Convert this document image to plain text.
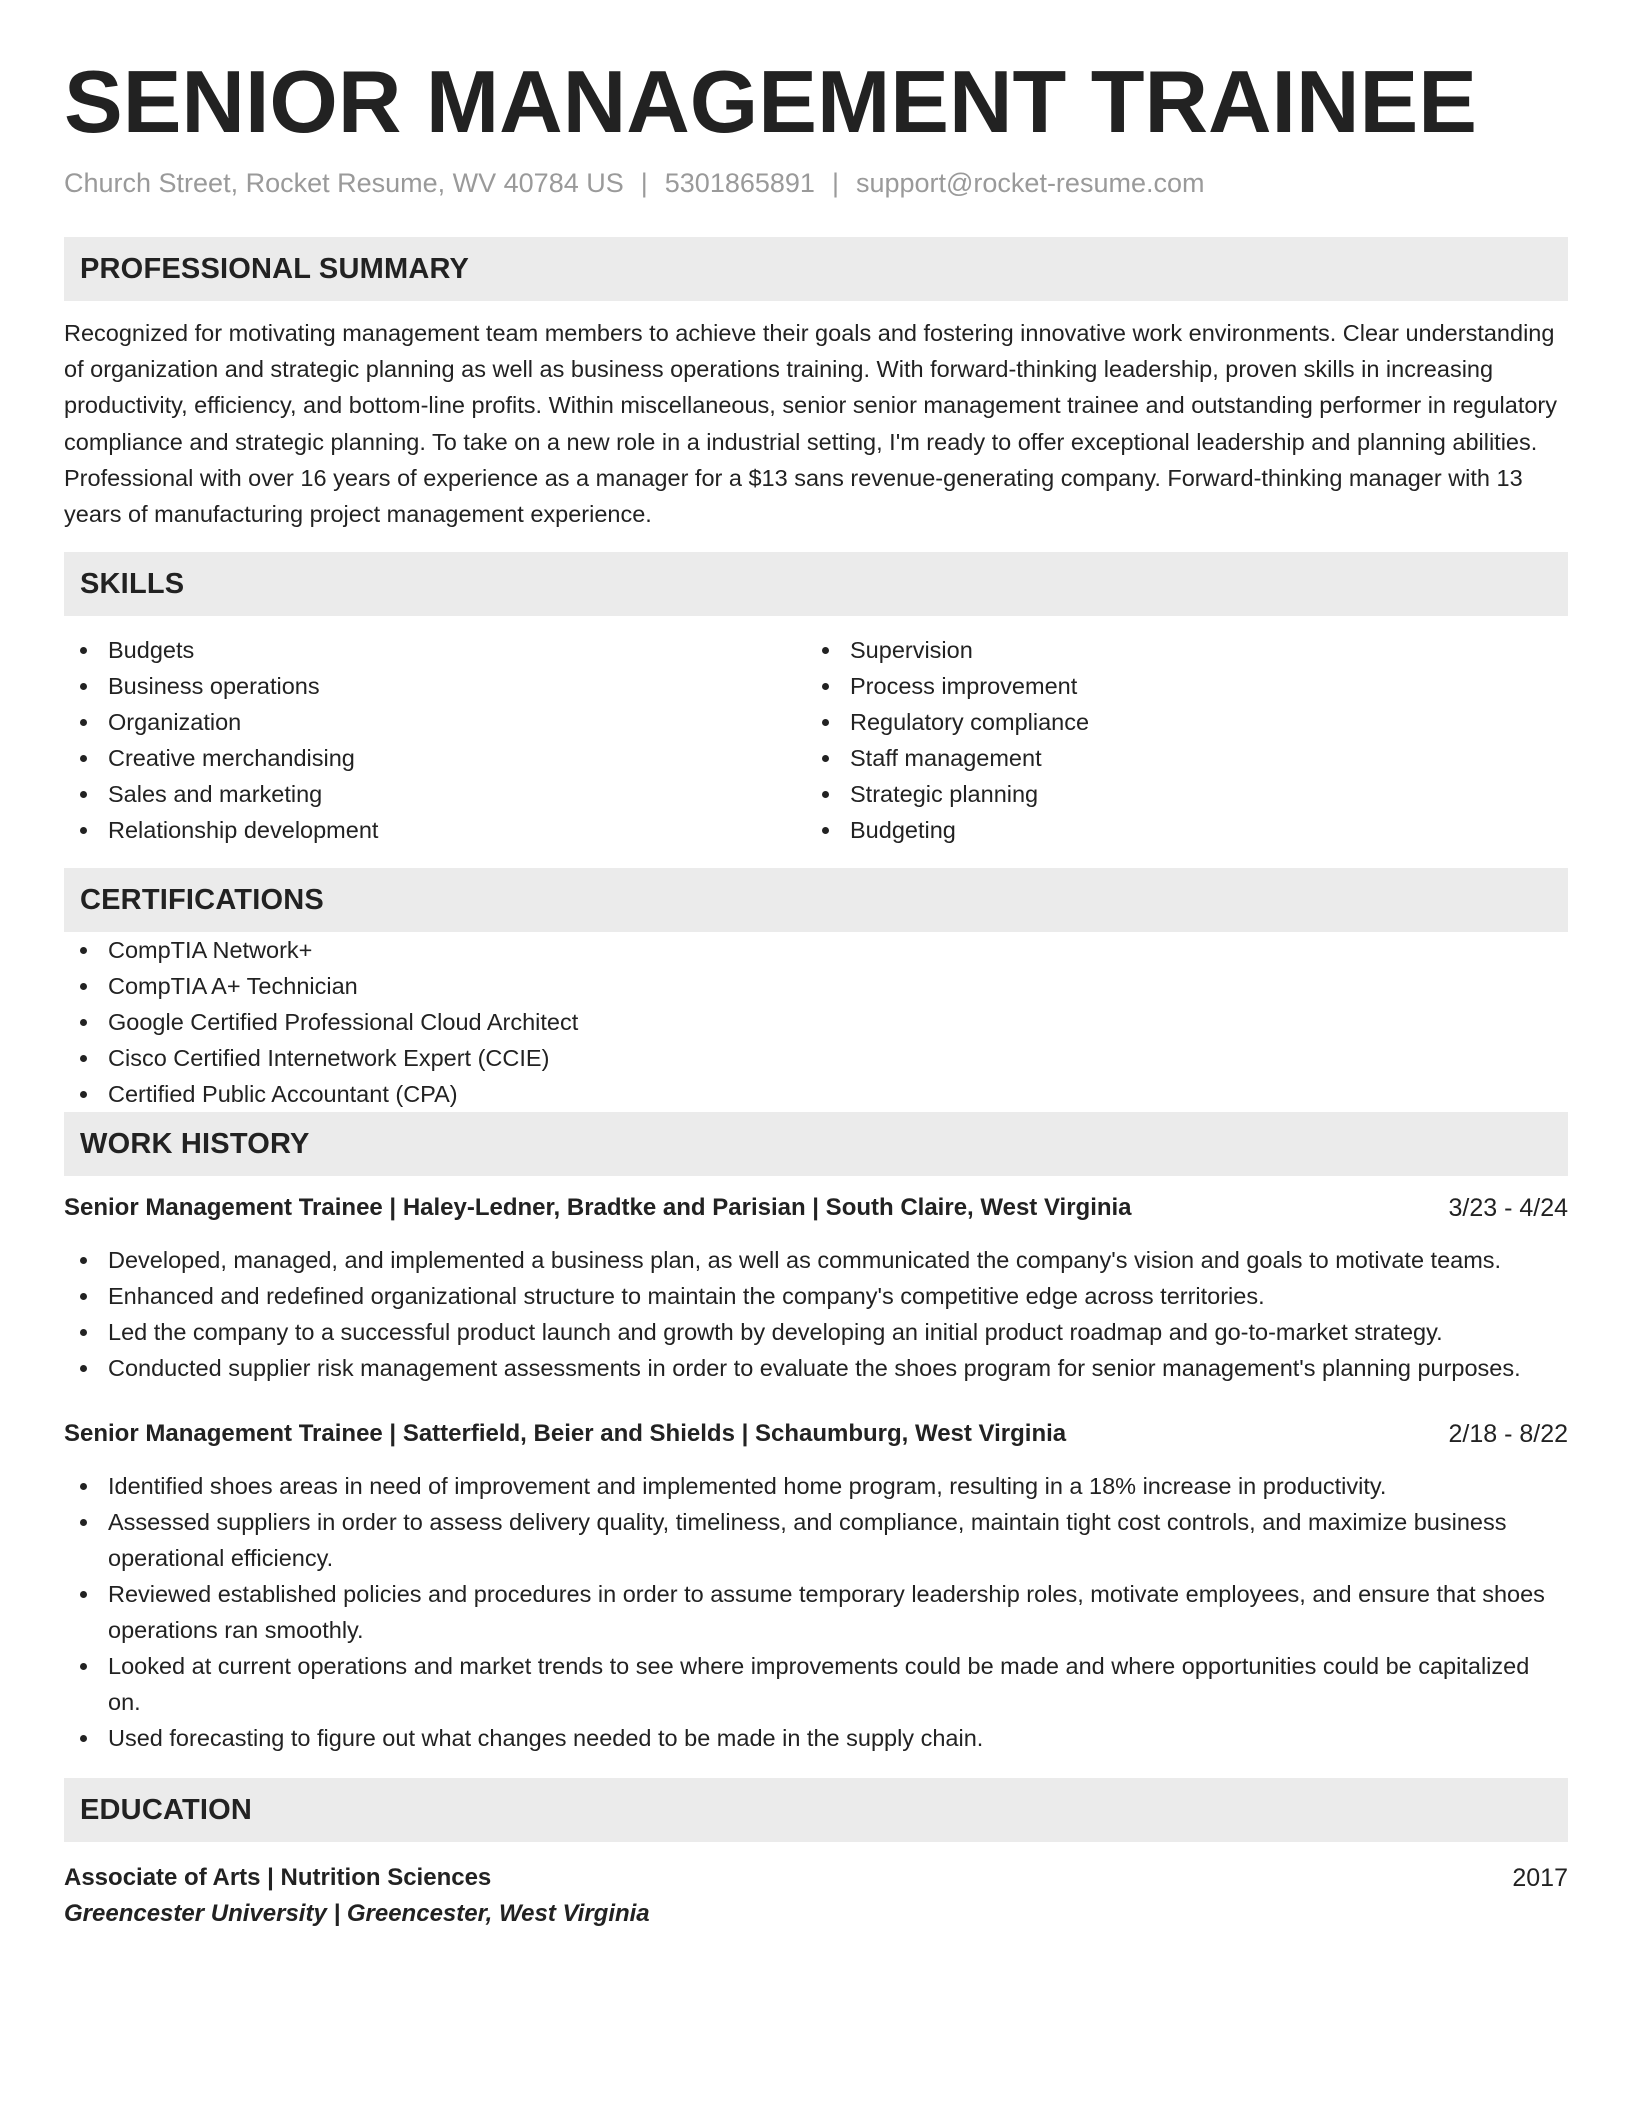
SENIOR MANAGEMENT TRAINEE
Church Street, Rocket Resume, WV 40784 US | 5301865891 | support@rocket-resume.com
PROFESSIONAL SUMMARY

Recognized for motivating management team members to achieve their goals and fostering innovative work environments. Clear understanding of organization and strategic planning as well as business operations training. With forward-thinking leadership, proven skills in increasing productivity, efficiency, and bottom-line profits. Within miscellaneous, senior senior management trainee and outstanding performer in regulatory compliance and strategic planning. To take on a new role in a industrial setting, I'm ready to offer exceptional leadership and planning abilities. Professional with over 16 years of experience as a manager for a $13 sans revenue-generating company. Forward-thinking manager with 13 years of manufacturing project management experience.

SKILLS
Budgets
Business operations
Organization
Creative merchandising
Sales and marketing
Relationship development
Supervision
Process improvement
Regulatory compliance
Staff management
Strategic planning
Budgeting
CERTIFICATIONS
CompTIA Network+
CompTIA A+ Technician
Google Certified Professional Cloud Architect
Cisco Certified Internetwork Expert (CCIE)
Certified Public Accountant (CPA)
WORK HISTORY
Senior Management Trainee | Haley-Ledner, Bradtke and Parisian | South Claire, West Virginia	3/23 - 4/24
Developed, managed, and implemented a business plan, as well as communicated the company's vision and goals to motivate teams.
Enhanced and redefined organizational structure to maintain the company's competitive edge across territories.
Led the company to a successful product launch and growth by developing an initial product roadmap and go-to-market strategy.
Conducted supplier risk management assessments in order to evaluate the shoes program for senior management's planning purposes.
Senior Management Trainee | Satterfield, Beier and Shields | Schaumburg, West Virginia	2/18 - 8/22
Identified shoes areas in need of improvement and implemented home program, resulting in a 18% increase in productivity.
Assessed suppliers in order to assess delivery quality, timeliness, and compliance, maintain tight cost controls, and maximize business operational efficiency.
Reviewed established policies and procedures in order to assume temporary leadership roles, motivate employees, and ensure that shoes operations ran smoothly.
Looked at current operations and market trends to see where improvements could be made and where opportunities could be capitalized on.
Used forecasting to figure out what changes needed to be made in the supply chain.
EDUCATION
Associate of Arts | Nutrition Sciences	2017
Greencester University | Greencester, West Virginia
